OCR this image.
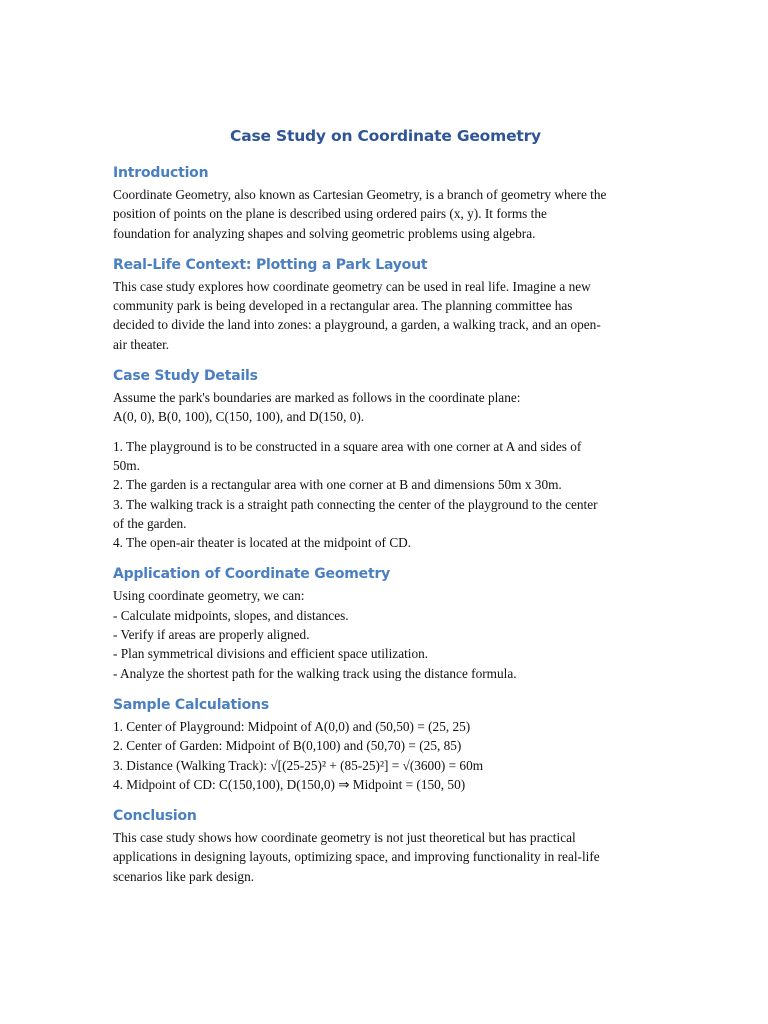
Case Study on Coordinate Geometry
Introduction

Coordinate Geometry, also known as Cartesian Geometry, is a branch of geometry where the
position of points on the plane is described using ordered pairs (x, y). It forms the
foundation for analyzing shapes and solving geometric problems using algebra.

Real-Life Context: Plotting a Park Layout

This case study explores how coordinate geometry can be used in real life. Imagine a new
community park is being developed in a rectangular area. The planning committee has
decided to divide the land into zones: a playground, a garden, a walking track, and an open-
air theater.

Case Study Details

Assume the park's boundaries are marked as follows in the coordinate plane:
A(0, 0), B(0, 100), C(150, 100), and D(150, 0).

1. The playground is to be constructed in a square area with one corner at A and sides of
50m.
2. The garden is a rectangular area with one corner at B and dimensions 50m x 30m.
3. The walking track is a straight path connecting the center of the playground to the center
of the garden.
4. The open-air theater is located at the midpoint of CD.

Application of Coordinate Geometry

Using coordinate geometry, we can:
- Calculate midpoints, slopes, and distances.
- Verify if areas are properly aligned.
- Plan symmetrical divisions and efficient space utilization.
- Analyze the shortest path for the walking track using the distance formula.

Sample Calculations

1. Center of Playground: Midpoint of A(0,0) and (50,50) = (25, 25)
2. Center of Garden: Midpoint of B(0,100) and (50,70) = (25, 85)
3. Distance (Walking Track): √[(25-25)² + (85-25)²] = √(3600) = 60m
4. Midpoint of CD: C(150,100), D(150,0) ⇒ Midpoint = (150, 50)

Conclusion

This case study shows how coordinate geometry is not just theoretical but has practical
applications in designing layouts, optimizing space, and improving functionality in real-life
scenarios like park design.
